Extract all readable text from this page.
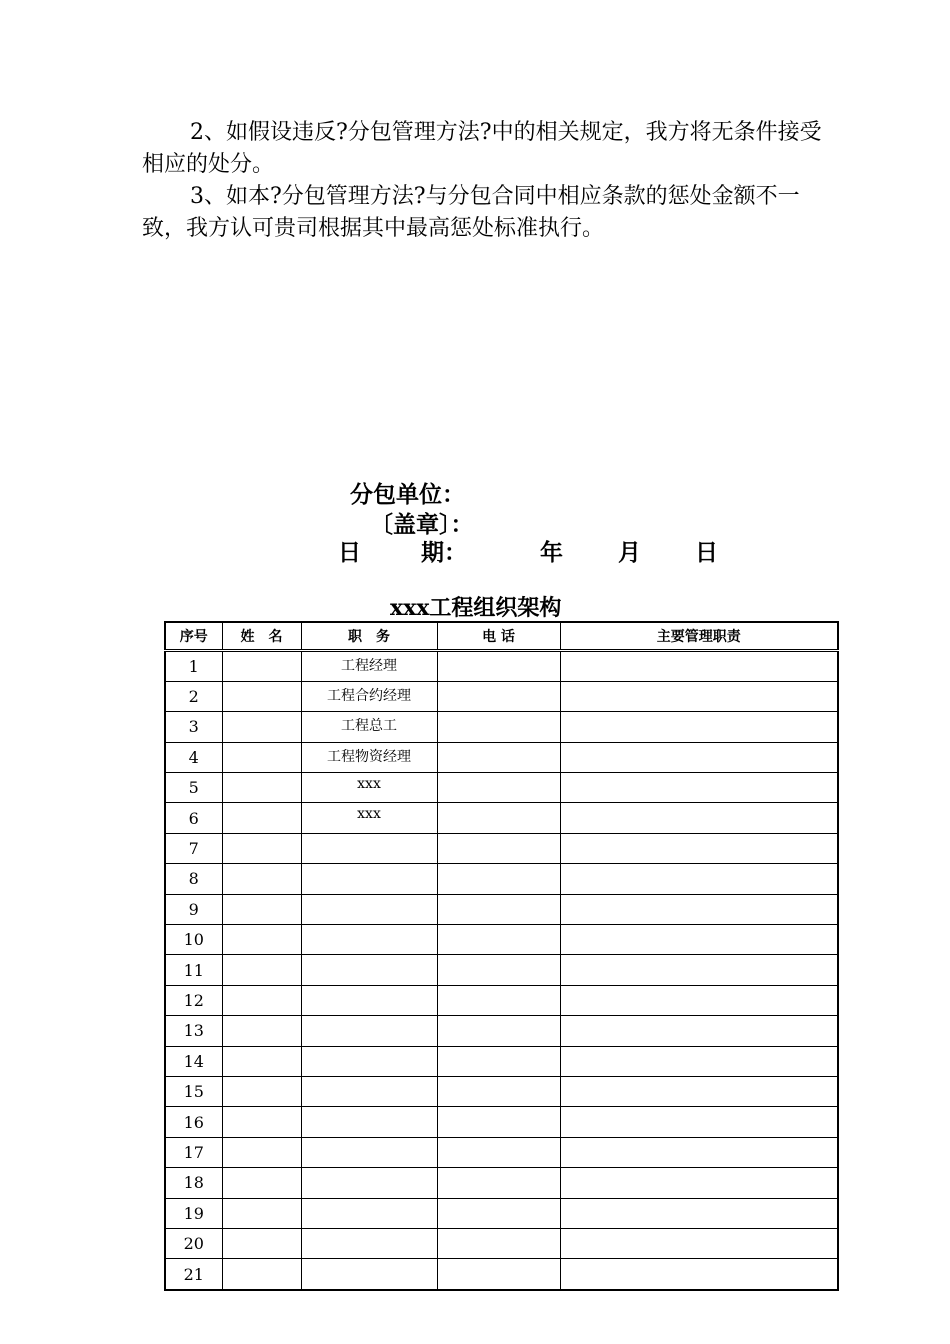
2、如假设违反?分包管理方法?中的相关规定，我方将无条件接受相应的处分。
3、如本?分包管理方法?与分包合同中相应条款的惩处金额不一致，我方认可贵司根据其中最高惩处标准执行。
分包单位：
〔盖章〕：
日	期：	年 月 日
xxx工程组织架构
序号	姓　名	职　务	电 话	主要管理职责
1		工程经理		
2		工程合约经理		
3		工程总工		
4		工程物资经理		
5		xxx		
6		xxx		
7				
8				
9				
10				
11				
12				
13				
14				
15				
16				
17				
18				
19				
20				
21				
